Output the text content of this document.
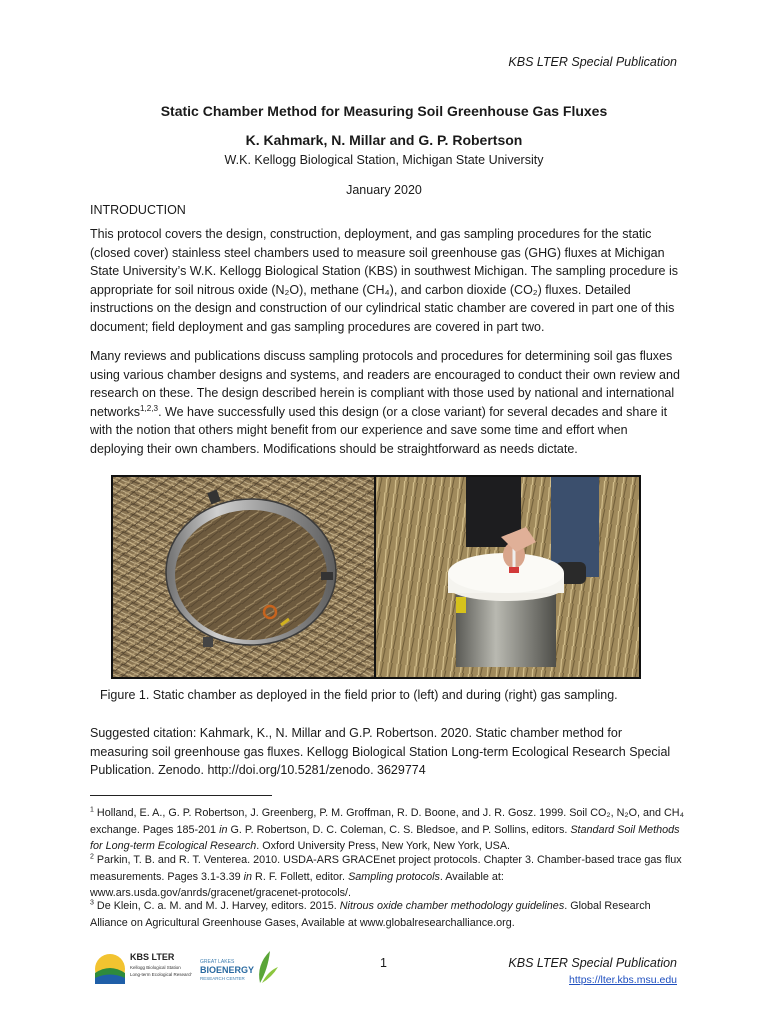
KBS LTER Special Publication
Static Chamber Method for Measuring Soil Greenhouse Gas Fluxes
K. Kahmark, N. Millar and G. P. Robertson
W.K. Kellogg Biological Station, Michigan State University
January 2020
INTRODUCTION
This protocol covers the design, construction, deployment, and gas sampling procedures for the static (closed cover) stainless steel chambers used to measure soil greenhouse gas (GHG) fluxes at Michigan State University’s W.K. Kellogg Biological Station (KBS) in southwest Michigan. The sampling procedure is appropriate for soil nitrous oxide (N₂O), methane (CH₄), and carbon dioxide (CO₂) fluxes. Detailed instructions on the design and construction of our cylindrical static chamber are covered in part one of this document; field deployment and gas sampling procedures are covered in part two.
Many reviews and publications discuss sampling protocols and procedures for determining soil gas fluxes using various chamber designs and systems, and readers are encouraged to conduct their own review and research on these. The design described herein is compliant with those used by national and international networks$^{1,2,3}$. We have successfully used this design (or a close variant) for several decades and share it with the notion that others might benefit from our experience and save some time and effort when deploying their own chambers. Modifications should be straightforward as needs dictate.
Figure 1. Static chamber as deployed in the field prior to (left) and during (right) gas sampling.
Suggested citation: Kahmark, K., N. Millar and G.P. Robertson. 2020. Static chamber method for measuring soil greenhouse gas fluxes. Kellogg Biological Station Long-term Ecological Research Special Publication. Zenodo. http://doi.org/10.5281/zenodo. 3629774
$^1$ Holland, E. A., G. P. Robertson, J. Greenberg, P. M. Groffman, R. D. Boone, and J. R. Gosz. 1999. Soil CO₂, N₂O, and CH₄ exchange. Pages 185-201 in G. P. Robertson, D. C. Coleman, C. S. Bledsoe, and P. Sollins, editors. Standard Soil Methods for Long-term Ecological Research. Oxford University Press, New York, New York, USA.
$^2$ Parkin, T. B. and R. T. Venterea. 2010. USDA-ARS GRACEnet project protocols. Chapter 3. Chamber-based trace gas flux measurements. Pages 3.1-3.39 in R. F. Follett, editor. Sampling protocols. Available at: www.ars.usda.gov/anrds/gracenet/gracenet-protocols/.
$^3$ De Klein, C. a. M. and M. J. Harvey, editors. 2015. Nitrous oxide chamber methodology guidelines. Global Research Alliance on Agricultural Greenhouse Gases, Available at www.globalresearchalliance.org.
KBS LTER
Kellogg Biological Station
Long-term Ecological Research
GREAT LAKES
BIOENERGY
RESEARCH CENTER
1	KBS LTER Special Publication
https://lter.kbs.msu.edu
